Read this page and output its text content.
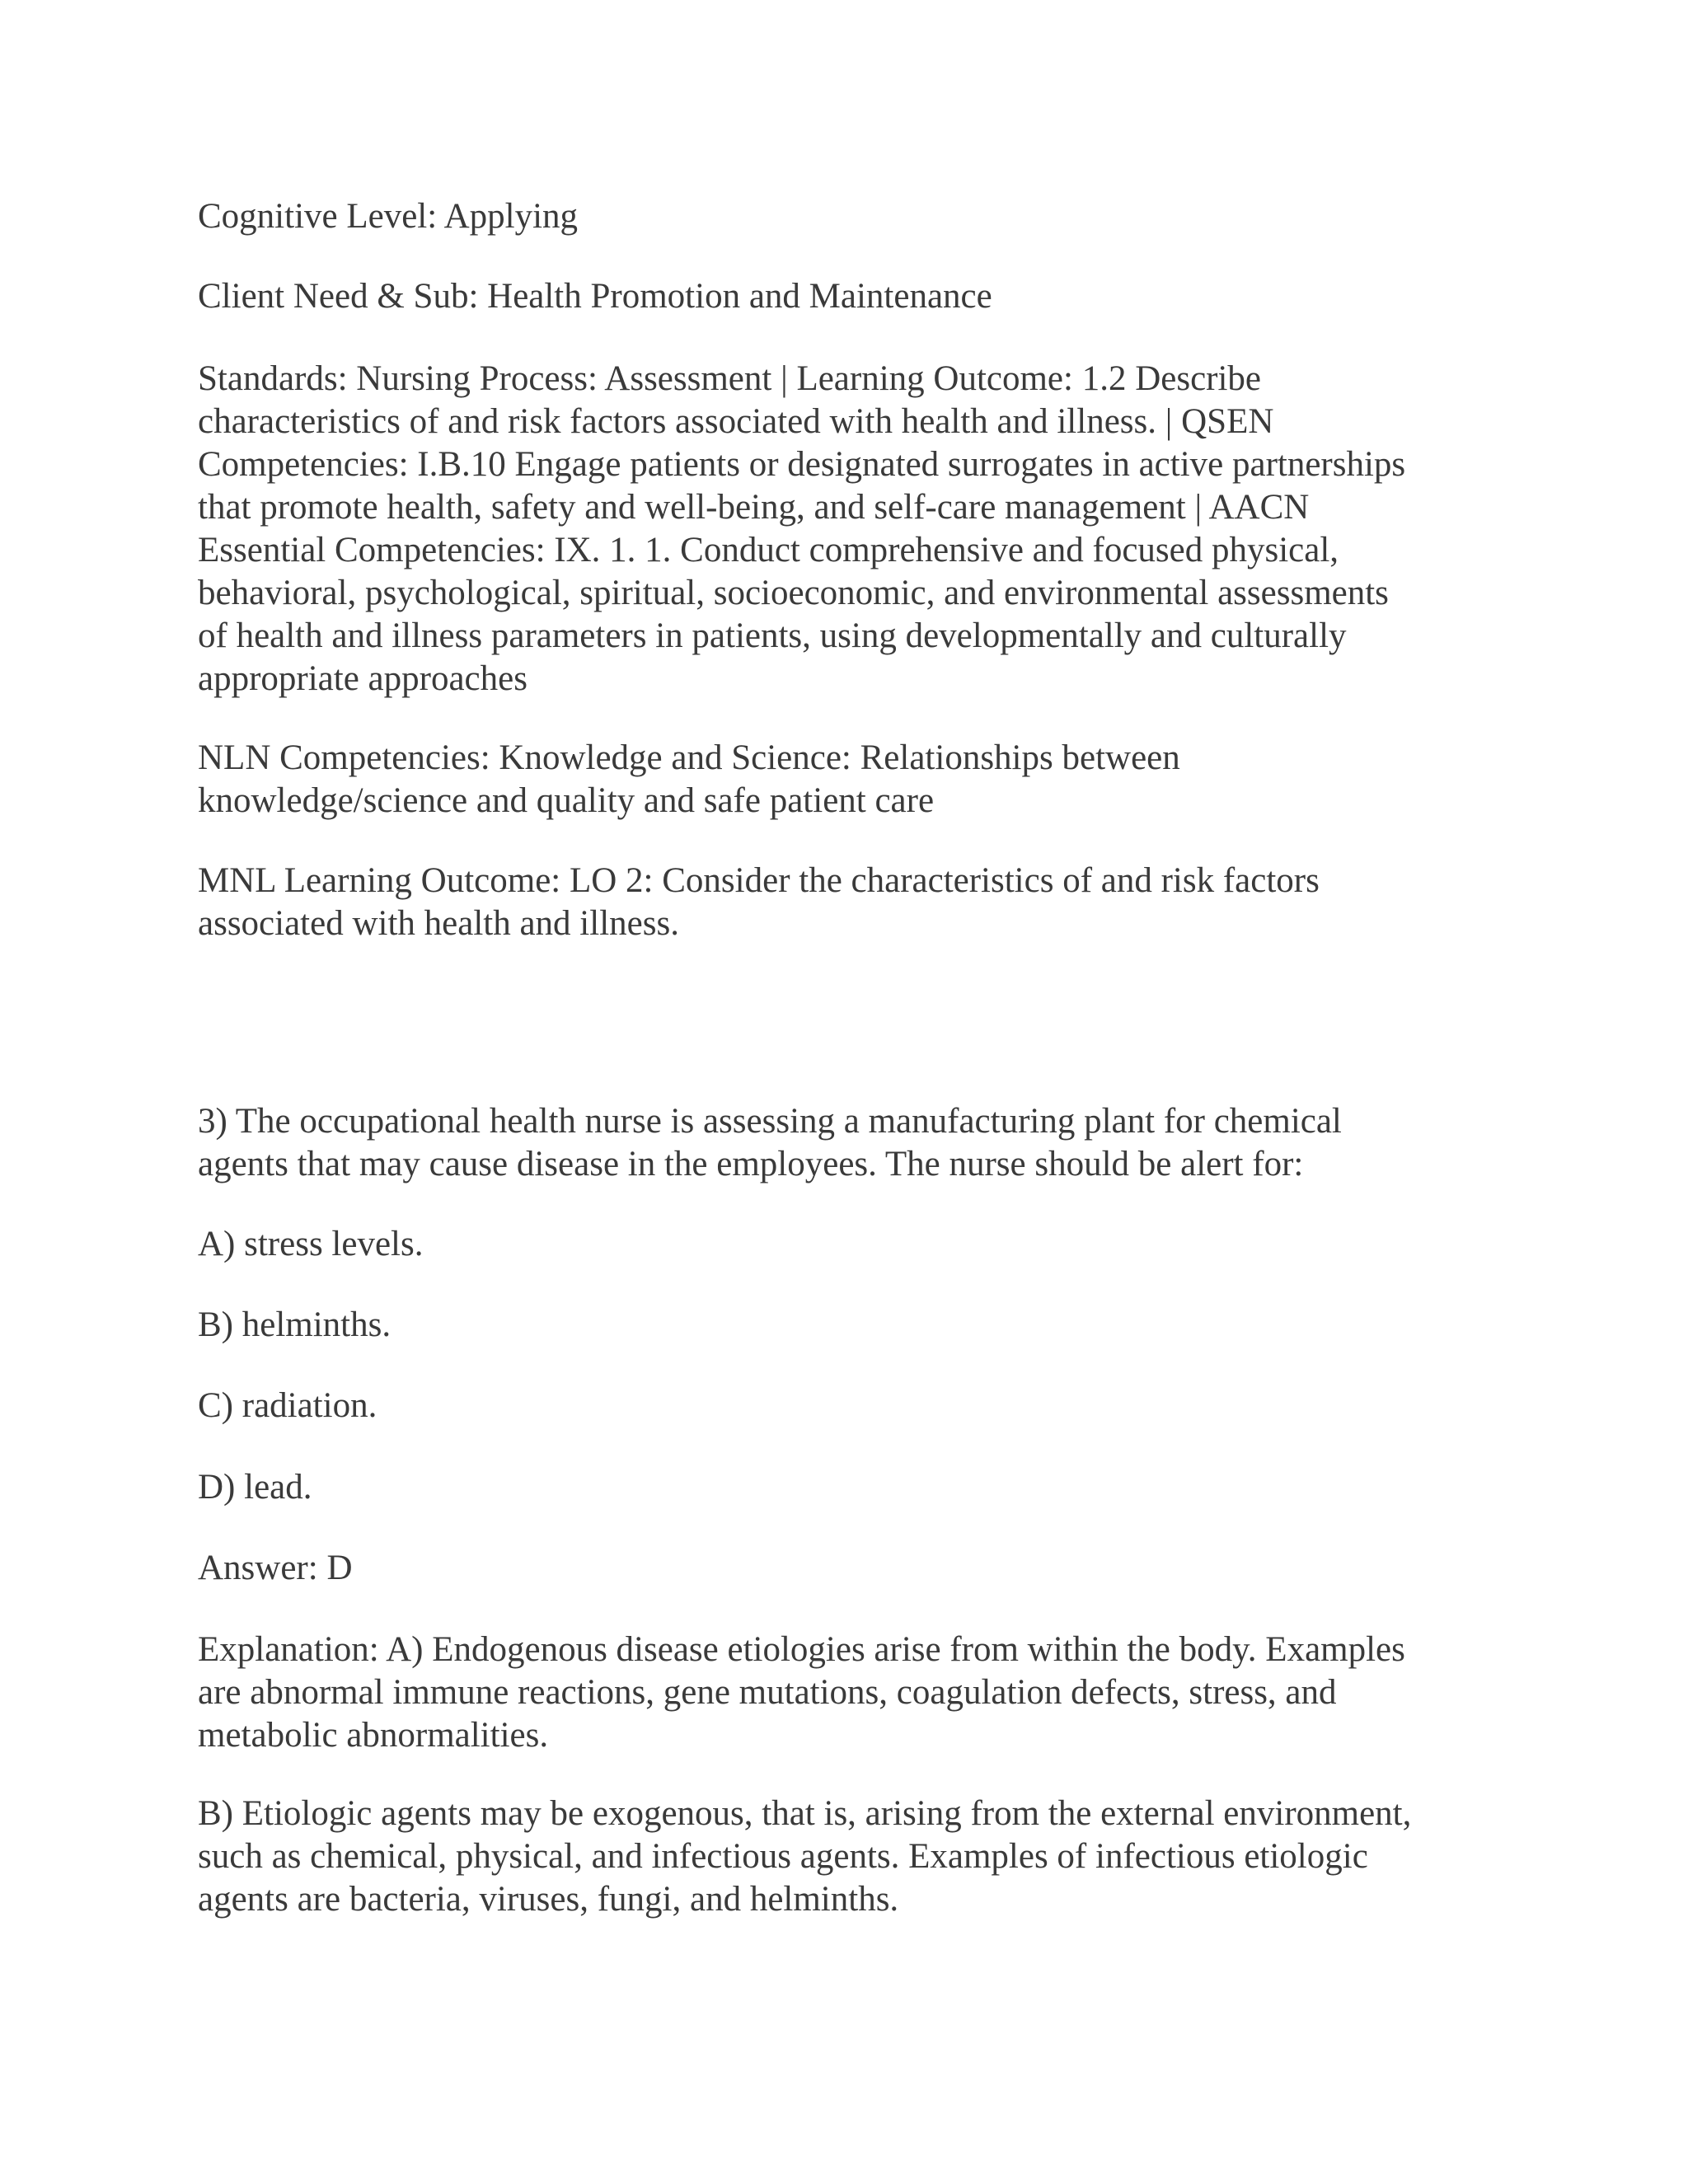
Cognitive Level: Applying

Client Need & Sub: Health Promotion and Maintenance

Standards: Nursing Process: Assessment | Learning Outcome: 1.2 Describe
characteristics of and risk factors associated with health and illness. | QSEN
Competencies: I.B.10 Engage patients or designated surrogates in active partnerships
that promote health, safety and well-being, and self-care management | AACN
Essential Competencies: IX. 1. 1. Conduct comprehensive and focused physical,
behavioral, psychological, spiritual, socioeconomic, and environmental assessments
of health and illness parameters in patients, using developmentally and culturally
appropriate approaches

NLN Competencies: Knowledge and Science: Relationships between
knowledge/science and quality and safe patient care

MNL Learning Outcome: LO 2: Consider the characteristics of and risk factors
associated with health and illness.

3) The occupational health nurse is assessing a manufacturing plant for chemical
agents that may cause disease in the employees. The nurse should be alert for:

A) stress levels.

B) helminths.

C) radiation.

D) lead.

Answer: D

Explanation: A) Endogenous disease etiologies arise from within the body. Examples
are abnormal immune reactions, gene mutations, coagulation defects, stress, and
metabolic abnormalities.

B) Etiologic agents may be exogenous, that is, arising from the external environment,
such as chemical, physical, and infectious agents. Examples of infectious etiologic
agents are bacteria, viruses, fungi, and helminths.
